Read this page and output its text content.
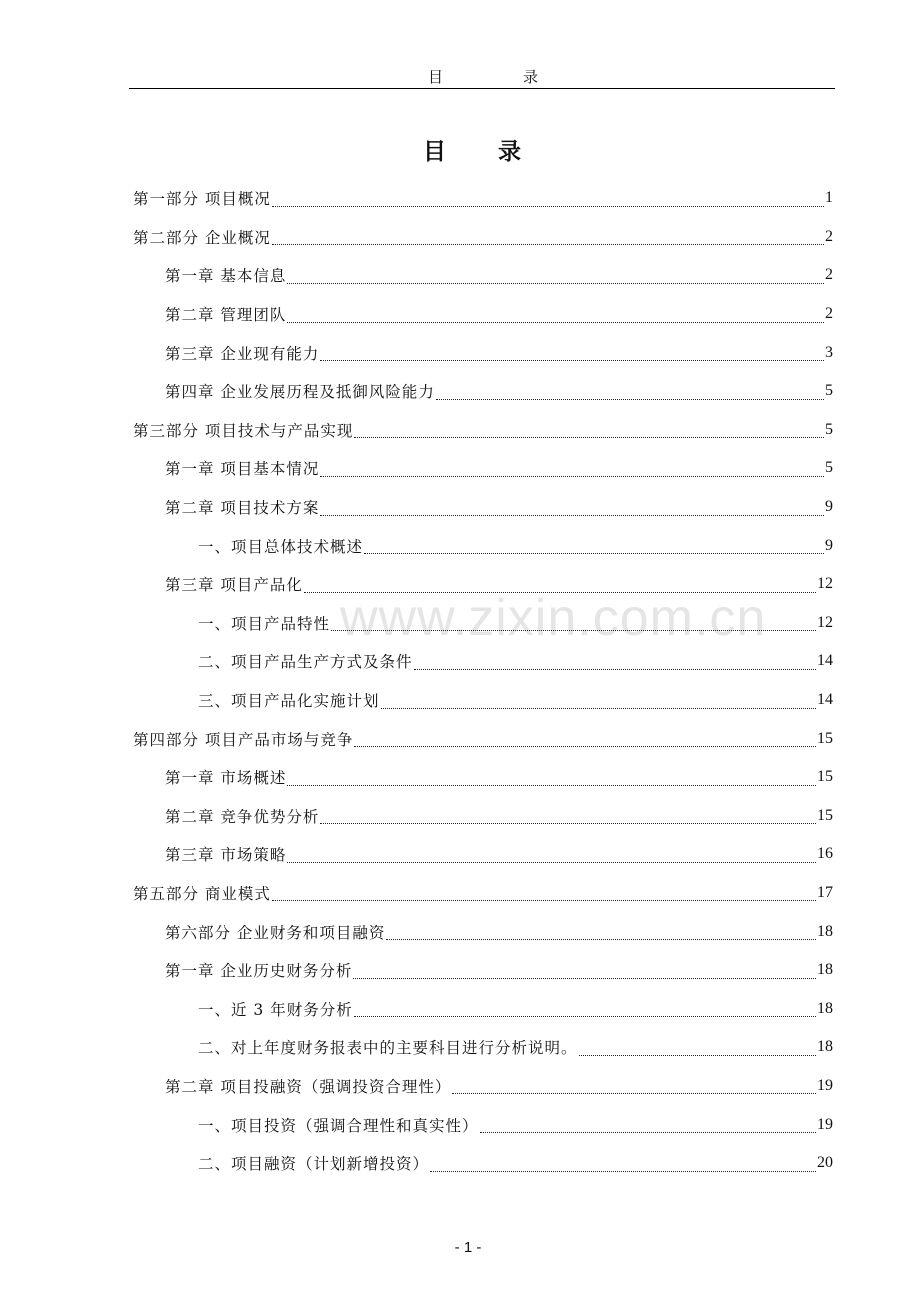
目	录
目 录
www.zixin.com.cn
第一部分 项目概况	1
第二部分 企业概况	2
第一章 基本信息	2
第二章 管理团队	2
第三章 企业现有能力	3
第四章 企业发展历程及抵御风险能力	5
第三部分 项目技术与产品实现	5
第一章 项目基本情况	5
第二章 项目技术方案	9
一、项目总体技术概述	9
第三章 项目产品化	12
一、项目产品特性	12
二、项目产品生产方式及条件	14
三、项目产品化实施计划	14
第四部分 项目产品市场与竞争	15
第一章 市场概述	15
第二章 竞争优势分析	15
第三章 市场策略	16
第五部分 商业模式	17
第六部分 企业财务和项目融资	18
第一章 企业历史财务分析	18
一、近 3 年财务分析	18
二、对上年度财务报表中的主要科目进行分析说明。	18
第二章 项目投融资（强调投资合理性）	19
一、项目投资（强调合理性和真实性）	19
二、项目融资（计划新增投资）	20
- 1 -
